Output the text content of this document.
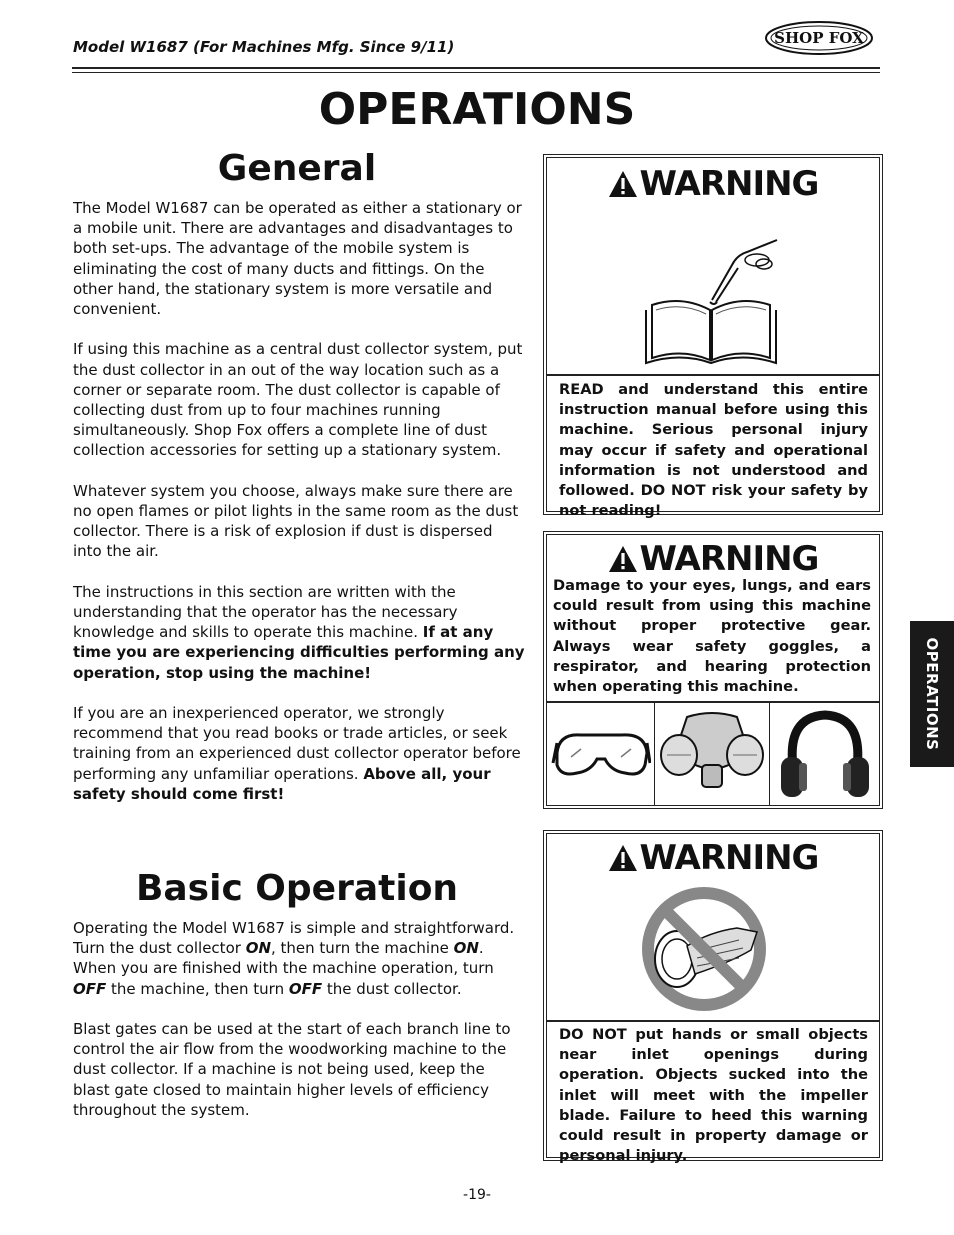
Model W1687 (For Machines Mfg. Since 9/11)	SHOP FOX
OPERATIONS
General

The Model W1687 can be operated as either a stationary or a mobile unit. There are advantages and disadvantages to both set-ups. The advantage of the mobile system is eliminating the cost of many ducts and fittings. On the other hand, the stationary system is more versatile and convenient.

If using this machine as a central dust collector system, put the dust collector in an out of the way location such as a corner or separate room. The dust collector is capable of collecting dust from up to four machines running simultaneously. Shop Fox offers a complete line of dust collection accessories for setting up a stationary system.

Whatever system you choose, always make sure there are no open flames or pilot lights in the same room as the dust collector. There is a risk of explosion if dust is dispersed into the air.

The instructions in this section are written with the understanding that the operator has the necessary knowledge and skills to operate this machine. If at any time you are experiencing difficulties performing any operation, stop using the machine!

If you are an inexperienced operator, we strongly recommend that you read books or trade articles, or seek training from an experienced dust collector operator before performing any unfamiliar operations. Above all, your safety should come first!

Basic Operation

Operating the Model W1687 is simple and straightforward. Turn the dust collector ON, then turn the machine ON. When you are finished with the machine operation, turn OFF the machine, then turn OFF the dust collector.

Blast gates can be used at the start of each branch line to control the air flow from the woodworking machine to the dust collector. If a machine is not being used, keep the blast gate closed to maintain higher levels of efficiency throughout the system.

WARNING
READ and understand this entire instruction manual before using this machine. Serious personal injury may occur if safety and operational information is not understood and followed. DO NOT risk your safety by not reading!
WARNING
Damage to your eyes, lungs, and ears could result from using this machine without proper protective gear. Always wear safety goggles, a respirator, and hearing protection when operating this machine.
WARNING
DO NOT put hands or small objects near inlet openings during operation. Objects sucked into the inlet will meet with the impeller blade. Failure to heed this warning could result in property damage or personal injury.
OPERATIONS
-19-
